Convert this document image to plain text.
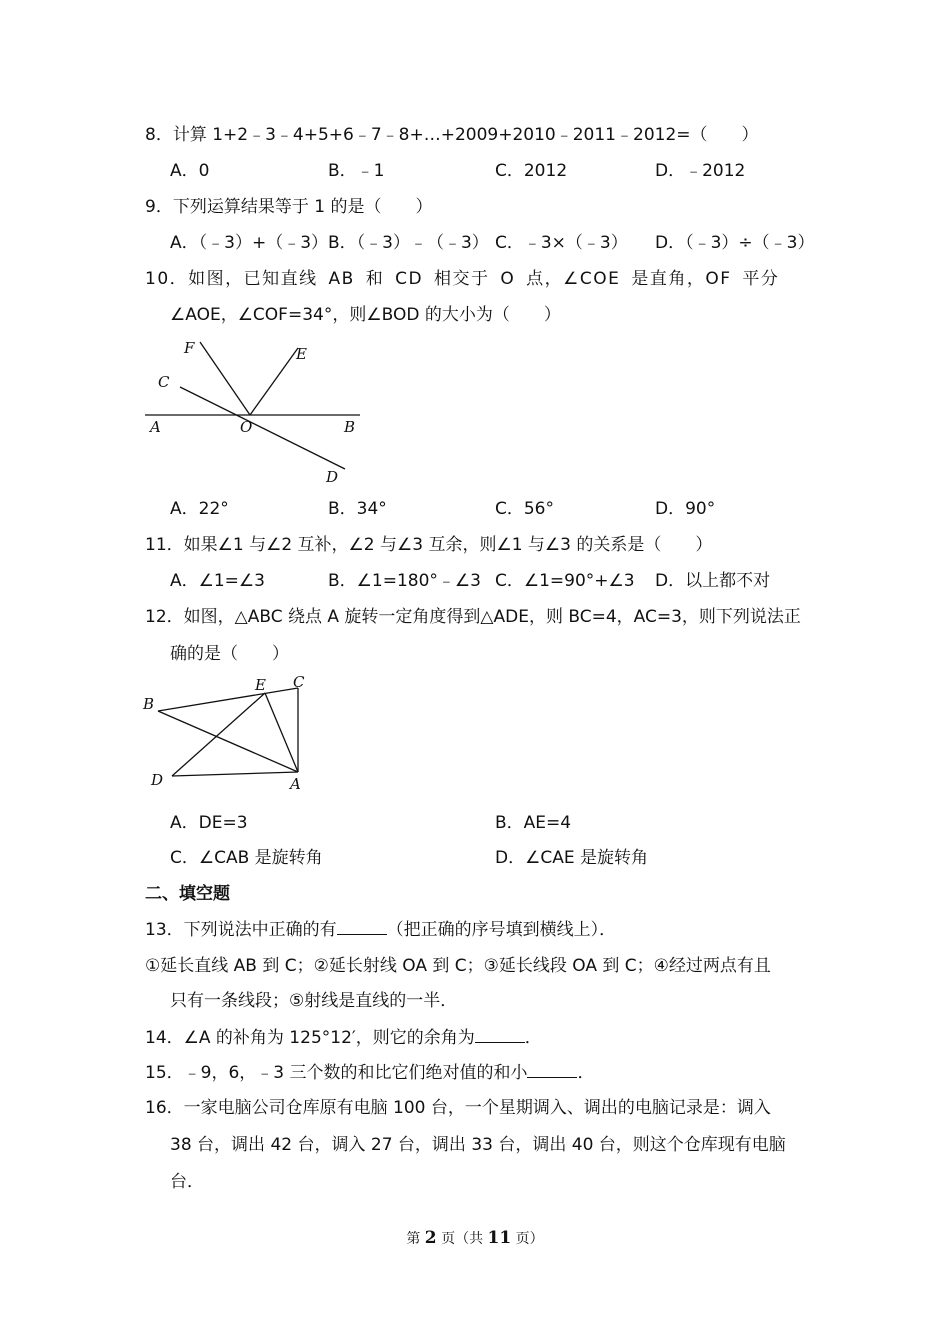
8．计算 1+2﹣3﹣4+5+6﹣7﹣8+…+2009+2010﹣2011﹣2012=（　　）
A．0	B．﹣1	C．2012	D．﹣2012
9．下列运算结果等于 1 的是（　　）
A．（﹣3）+（﹣3） B．（﹣3）﹣（﹣3） C．﹣3×（﹣3） D．（﹣3）÷（﹣3）
10．如图，已知直线 AB 和 CD 相交于 O 点，∠COE 是直角，OF 平分
∠AOE，∠COF=34°，则∠BOD 的大小为（　　）
F	E
C
A	O	B
D
A．22°	B．34°	C．56°	D．90°
11．如果∠1 与∠2 互补，∠2 与∠3 互余，则∠1 与∠3 的关系是（　　）
A．∠1=∠3	B．∠1=180°﹣∠3 C．∠1=90°+∠3 D．以上都不对
12．如图，△ABC 绕点 A 旋转一定角度得到△ADE，则 BC=4，AC=3，则下列说法正
确的是（　　）
B
E C
D	A
A．DE=3	B．AE=4
C．∠CAB 是旋转角	D．∠CAE 是旋转角
二、填空题
13．下列说法中正确的有	（把正确的序号填到横线上）．
①延长直线 AB 到 C；②延长射线 OA 到 C；③延长线段 OA 到 C；④经过两点有且
只有一条线段；⑤射线是直线的一半．
14．∠A 的补角为 125°12′，则它的余角为	．
15．﹣9，6，﹣3 三个数的和比它们绝对值的和小	．
16．一家电脑公司仓库原有电脑 100 台，一个星期调入、调出的电脑记录是：调入
38 台，调出 42 台，调入 27 台，调出 33 台，调出 40 台，则这个仓库现有电脑
台．
第 2 页（共 11 页）
